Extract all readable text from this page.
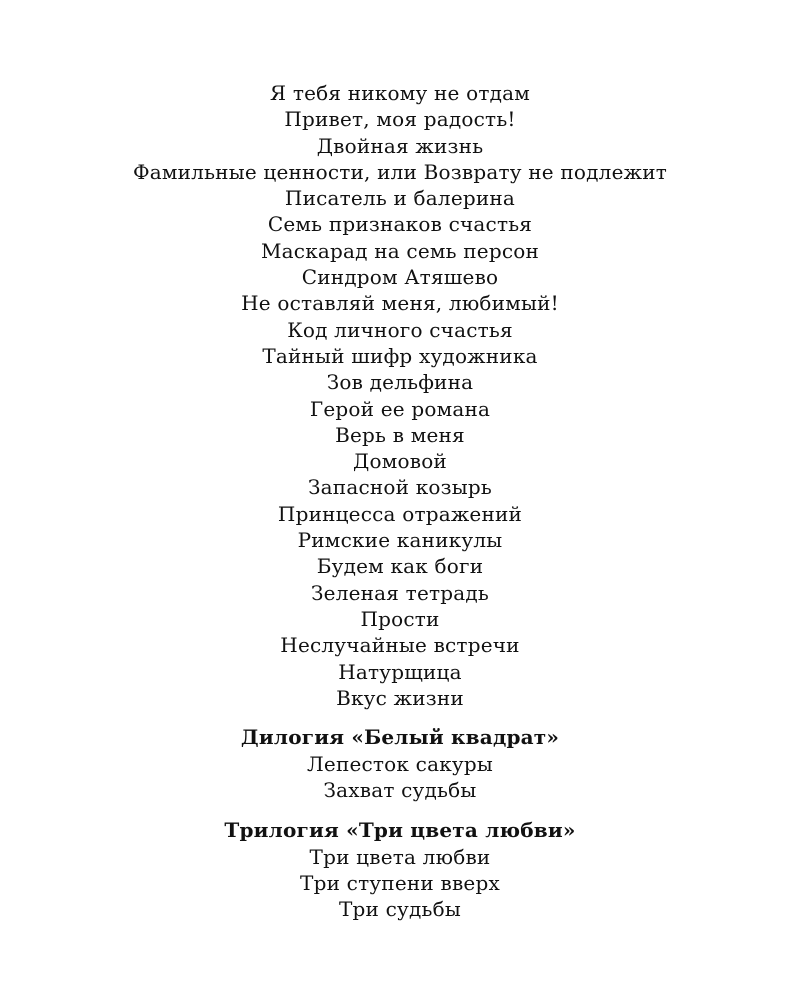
Я тебя никому не отдам
Привет, моя радость!
Двойная жизнь
Фамильные ценности, или Возврату не подлежит
Писатель и балерина
Семь признаков счастья
Маскарад на семь персон
Синдром Атяшево
Не оставляй меня, любимый!
Код личного счастья
Тайный шифр художника
Зов дельфина
Герой ее романа
Верь в меня
Домовой
Запасной козырь
Принцесса отражений
Римские каникулы
Будем как боги
Зеленая тетрадь
Прости
Неслучайные встречи
Натурщица
Вкус жизни
Дилогия «Белый квадрат»
Лепесток сакуры
Захват судьбы
Трилогия «Три цвета любви»
Три цвета любви
Три ступени вверх
Три судьбы
